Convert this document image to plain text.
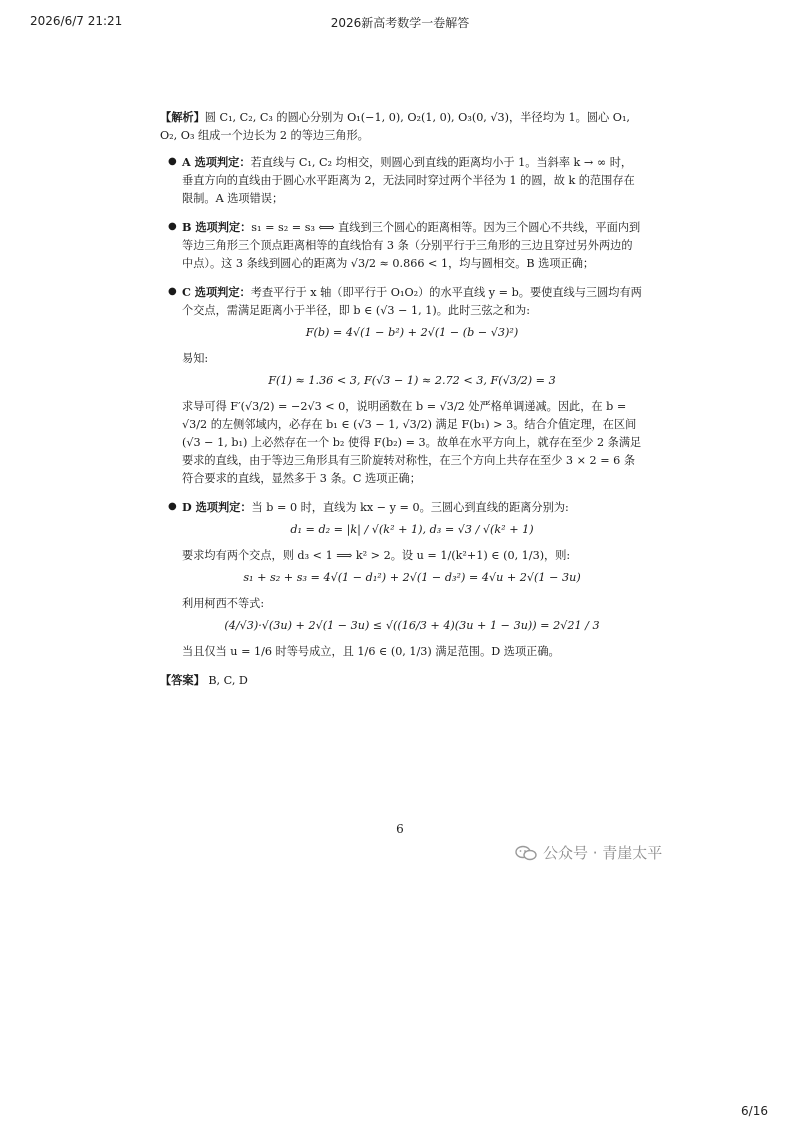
2026/6/7 21:21	2026新高考数学一卷解答

【解析】圆 C₁, C₂, C₃ 的圆心分别为 O₁(−1, 0), O₂(1, 0), O₃(0, √3)，半径均为 1。圆心 O₁, O₂, O₃ 组成一个边长为 2 的等边三角形。

● A 选项判定：若直线与 C₁, C₂ 均相交，则圆心到直线的距离均小于 1。当斜率 k → ∞ 时，垂直方向的直线由于圆心水平距离为 2，无法同时穿过两个半径为 1 的圆，故 k 的范围存在限制。A 选项错误；
● B 选项判定：s₁ = s₂ = s₃ ⟺ 直线到三个圆心的距离相等。因为三个圆心不共线，平面内到等边三角形三个顶点距离相等的直线恰有 3 条（分别平行于三角形的三边且穿过另外两边的中点）。这 3 条线到圆心的距离为 √3/2 ≈ 0.866 < 1，均与圆相交。B 选项正确；
● C 选项判定：考查平行于 x 轴（即平行于 O₁O₂）的水平直线 y = b。要使直线与三圆均有两个交点，需满足距离小于半径，即 b ∈ (√3 − 1, 1)。此时三弦之和为:
F(b) = 4√(1 − b²) + 2√(1 − (b − √3)²)
易知:
F(1) ≈ 1.36 < 3, F(√3 − 1) ≈ 2.72 < 3, F(√3/2) = 3
求导可得 F′(√3/2) = −2√3 < 0，说明函数在 b = √3/2 处严格单调递减。因此，在 b = √3/2 的左侧邻域内，必存在 b₁ ∈ (√3 − 1, √3/2) 满足 F(b₁) > 3。结合介值定理，在区间 (√3 − 1, b₁) 上必然存在一个 b₂ 使得 F(b₂) = 3。故单在水平方向上，就存在至少 2 条满足要求的直线，由于等边三角形具有三阶旋转对称性，在三个方向上共存在至少 3 × 2 = 6 条符合要求的直线，显然多于 3 条。C 选项正确；
● D 选项判定：当 b = 0 时，直线为 kx − y = 0。三圆心到直线的距离分别为:
d₁ = d₂ = |k| / √(k² + 1), d₃ = √3 / √(k² + 1)
要求均有两个交点，则 d₃ < 1 ⟹ k² > 2。设 u = 1/(k²+1) ∈ (0, 1/3)，则:
s₁ + s₂ + s₃ = 4√(1 − d₁²) + 2√(1 − d₃²) = 4√u + 2√(1 − 3u)
利用柯西不等式:
(4/√3)·√(3u) + 2√(1 − 3u) ≤ √((16/3 + 4)(3u + 1 − 3u)) = 2√21 / 3
当且仅当 u = 1/6 时等号成立，且 1/6 ∈ (0, 1/3) 满足范围。D 选项正确。

【答案】 B, C, D

6
公众号 · 青崖太平
6/16
